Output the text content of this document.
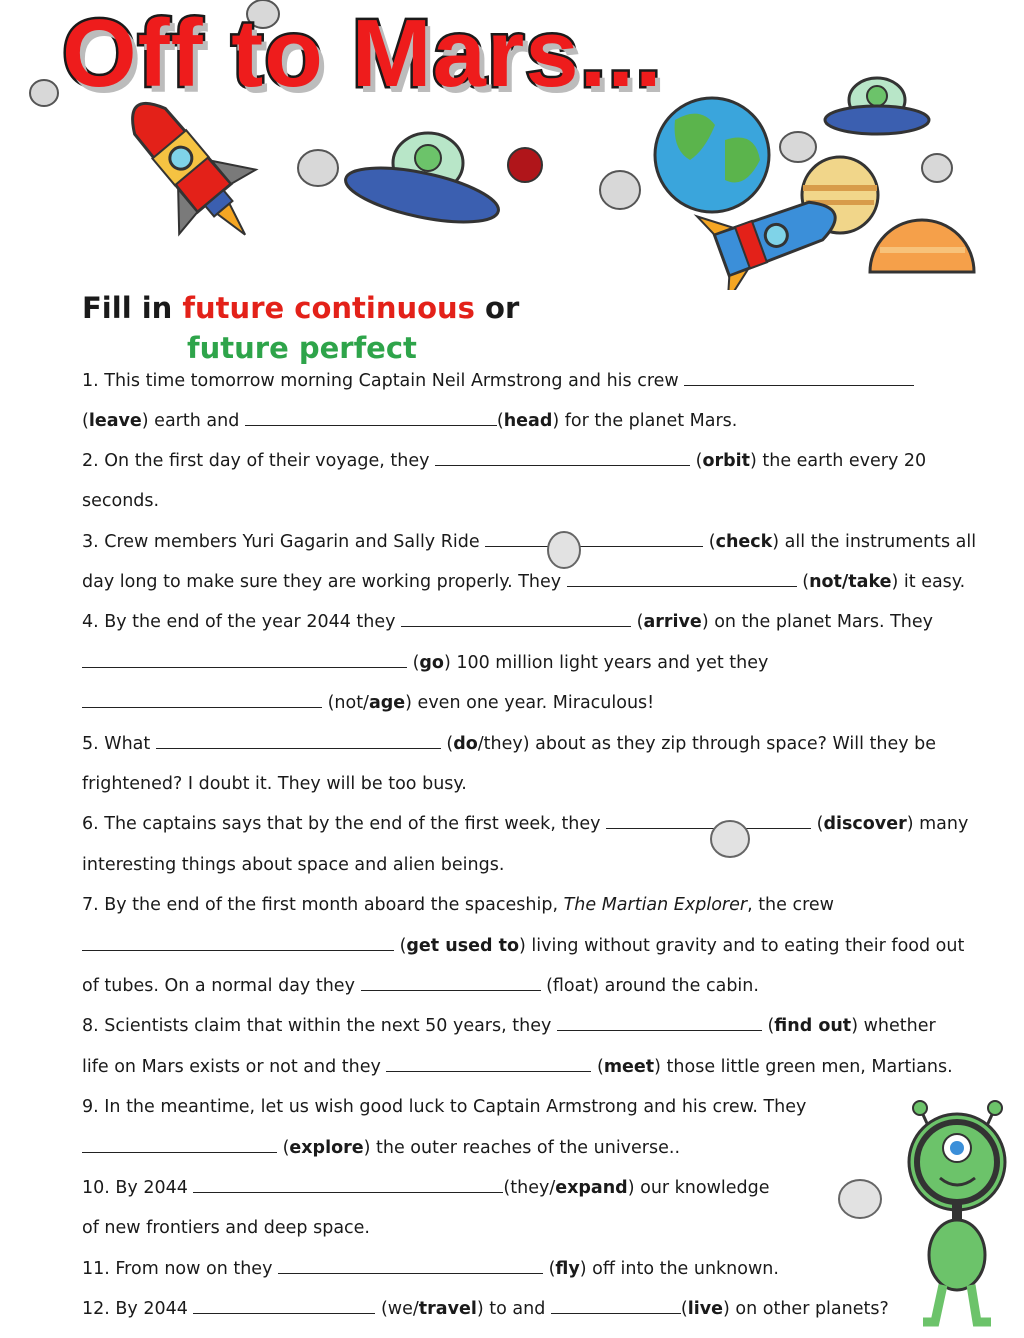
Off to Mars...
Fill in future continuous or
future perfect
1. This time tomorrow morning Captain Neil Armstrong and his crew
(leave) earth and	(head) for the planet Mars.
2. On the first day of their voyage, they	(orbit) the earth every 20
seconds.
3. Crew members Yuri Gagarin and Sally Ride	(check) all the instruments all
day long to make sure they are working properly. They	(not/take) it easy.
4. By the end of the year 2044 they	(arrive) on the planet Mars. They
(go) 100 million light years and yet they
(not/age) even one year. Miraculous!
5. What	(do/they) about as they zip through space? Will they be
frightened? I doubt it. They will be too busy.
6. The captains says that by the end of the first week, they	(discover) many
interesting things about space and alien beings.
7. By the end of the first month aboard the spaceship, The Martian Explorer, the crew
(get used to) living without gravity and to eating their food out
of tubes. On a normal day they	(float) around the cabin.
8. Scientists claim that within the next 50 years, they	(find out) whether
life on Mars exists or not and they	(meet) those little green men, Martians.
9. In the meantime, let us wish good luck to Captain Armstrong and his crew. They
(explore) the outer reaches of the universe..
10. By 2044	(they/expand) our knowledge
of new frontiers and deep space.
11. From now on they	(fly) off into the unknown.
12. By 2044	(we/travel) to and	(live) on other planets?
